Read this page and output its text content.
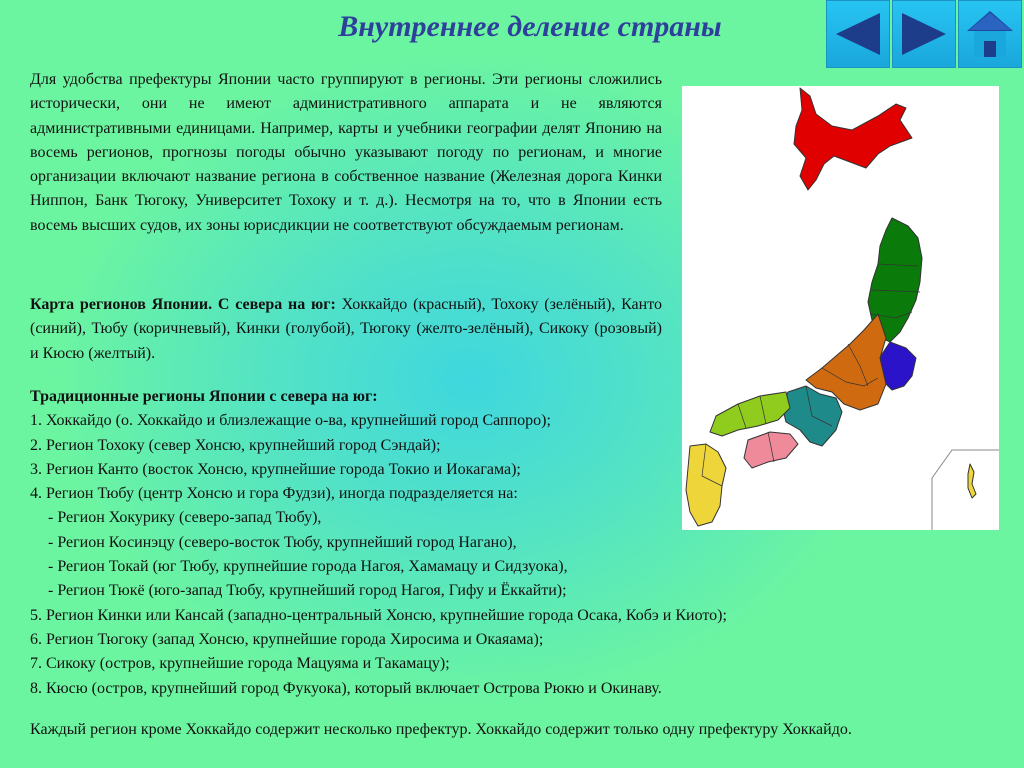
Внутреннее деление страны
Для удобства префектуры Японии часто группируют в регионы. Эти регионы сложились исторически, они не имеют административного аппарата и не являются административными единицами. Например, карты и учебники географии делят Японию на восемь регионов, прогнозы погоды обычно указывают погоду по регионам, и многие организации включают название региона в собственное название (Железная дорога Кинки Ниппон, Банк Тюгоку, Университет Тохоку и т. д.). Несмотря на то, что в Японии есть восемь высших судов, их зоны юрисдикции не соответствуют обсуждаемым регионам.
Карта регионов Японии. С севера на юг: Хоккайдо (красный), Тохоку (зелёный), Канто (синий), Тюбу (коричневый), Кинки (голубой), Тюгоку (желто-зелёный), Сикоку (розовый) и Кюсю (желтый).
Традиционные регионы Японии с севера на юг:
1. Хоккайдо (о. Хоккайдо и близлежащие о-ва, крупнейший город Саппоро);
2. Регион Тохоку (север Хонсю, крупнейший город Сэндай);
3. Регион Канто (восток Хонсю, крупнейшие города Токио и Иокагама);
4. Регион Тюбу (центр Хонсю и гора Фудзи), иногда подразделяется на:
- Регион Хокурику (северо-запад Тюбу),
- Регион Косинэцу (северо-восток Тюбу, крупнейший город Нагано),
- Регион Токай (юг Тюбу, крупнейшие города Нагоя, Хамамацу и Сидзуока),
- Регион Тюкё (юго-запад Тюбу, крупнейший город Нагоя, Гифу и Ёккайти);
5. Регион Кинки или Кансай (западно-центральный Хонсю, крупнейшие города Осака, Кобэ и Киото);
6. Регион Тюгоку (запад Хонсю, крупнейшие города Хиросима и Окаяама);
7. Сикоку (остров, крупнейшие города Мацуяма и Такамацу);
8. Кюсю (остров, крупнейший город Фукуока), который включает Острова Рюкю и Окинаву.
Каждый регион кроме Хоккайдо содержит несколько префектур. Хоккайдо содержит только одну префектуру Хоккайдо.
